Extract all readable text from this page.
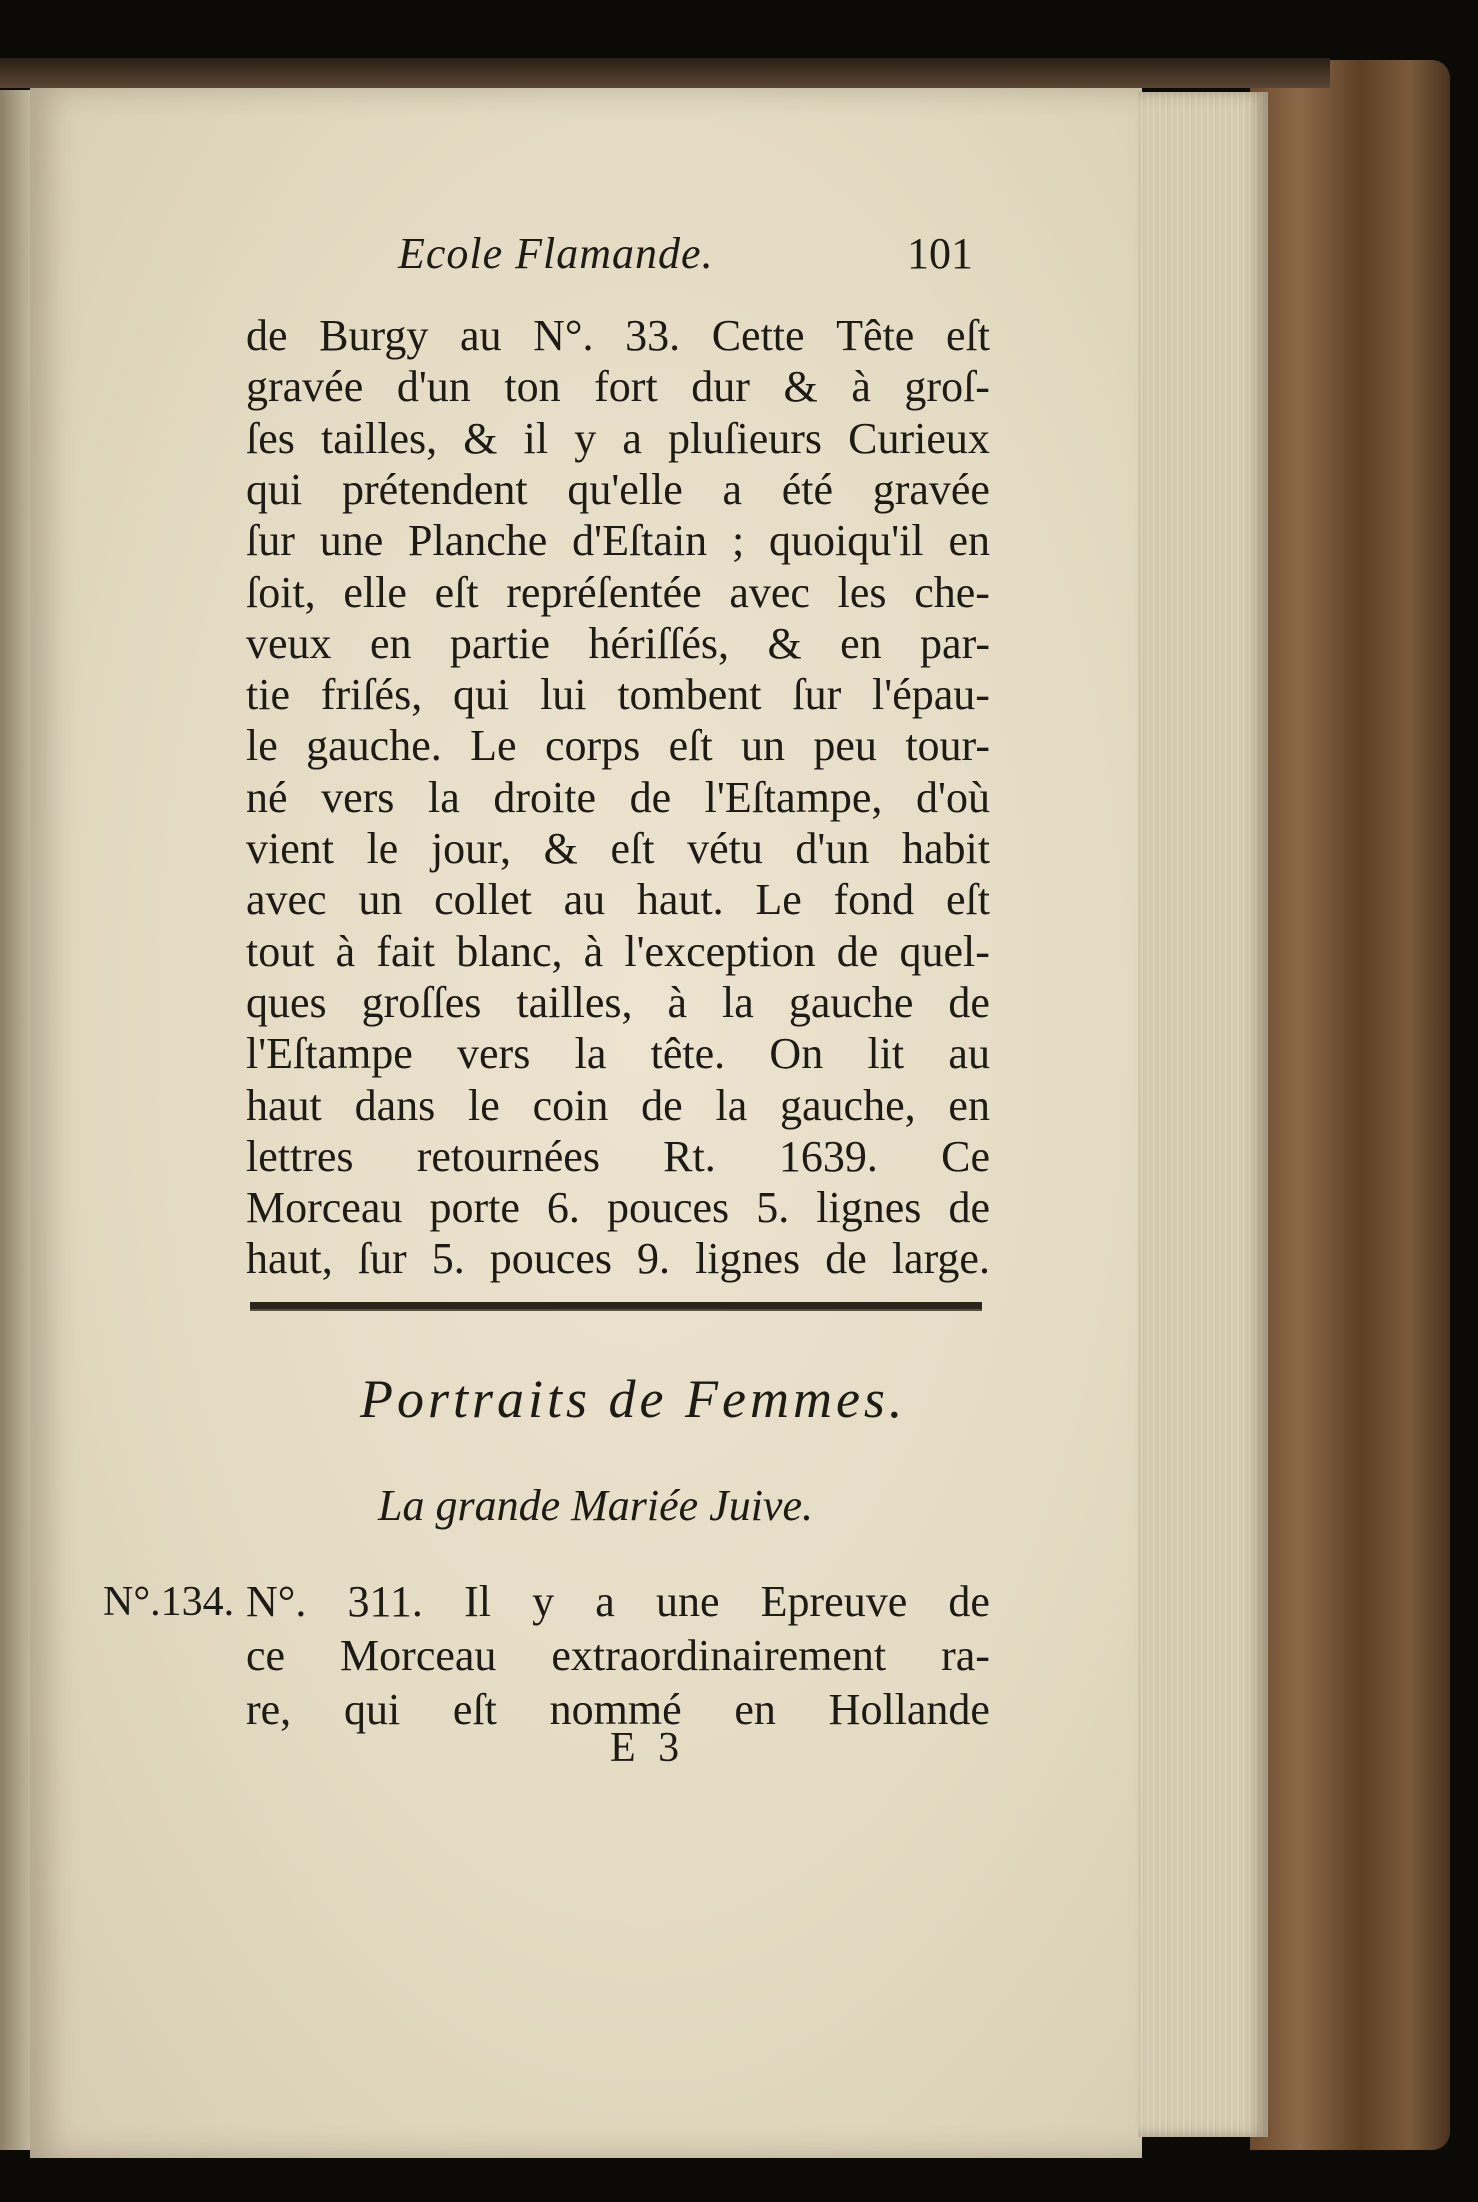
Ecole Flamande.	101
de Burgy au N°. 33. Cette Tête eſt
gravée d'un ton fort dur & à groſ-
ſes tailles, & il y a pluſieurs Curieux
qui prétendent qu'elle a été gravée
ſur une Planche d'Eſtain ; quoiqu'il en
ſoit, elle eſt repréſentée avec les che-
veux en partie hériſſés, & en par-
tie friſés, qui lui tombent ſur l'épau-
le gauche. Le corps eſt un peu tour-
né vers la droite de l'Eſtampe, d'où
vient le jour, & eſt vétu d'un habit
avec un collet au haut. Le fond eſt
tout à fait blanc, à l'exception de quel-
ques groſſes tailles, à la gauche de
l'Eſtampe vers la tête. On lit au
haut dans le coin de la gauche, en
lettres retournées Rt. 1639. Ce
Morceau porte 6. pouces 5. lignes de
haut, ſur 5. pouces 9. lignes de large.
Portraits de Femmes.
La grande Mariée Juive.
N°.134. N°. 311. Il y a une Epreuve de
ce Morceau extraordinairement ra-
re, qui eſt nommé en Hollande
E 3
